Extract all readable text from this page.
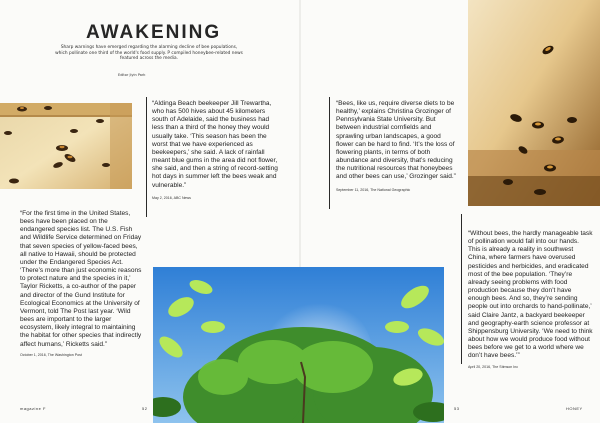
AWAKENING

Sharp warnings have emerged regarding the alarming decline of bee populations, which pollinate one third of the world's food supply. P compiled honeybee-related news featured across the media.

Editor Jiyin Park

“For the first time in the United States, bees have been placed on the endangered species list. The U.S. Fish and Wildlife Service determined on Friday that seven species of yellow-faced bees, all native to Hawaii, should be protected under the Endangered Species Act. ‘There’s more than just economic reasons to protect nature and the species in it,’ Taylor Ricketts, a co-author of the paper and director of the Gund Institute for Ecological Economics at the University of Vermont, told The Post last year. ‘Wild bees are important to the larger ecosystem, likely integral to maintaining the habitat for other species that indirectly affect humans,’ Ricketts said.”

October 1, 2016, The Washington Post

“Aldinga Beach beekeeper Jill Trewartha, who has 500 hives about 45 kilometers south of Adelaide, said the business had less than a third of the honey they would usually take. ‘This season has been the worst that we have experienced as beekeepers,’ she said. A lack of rainfall meant blue gums in the area did not flower, she said, and then a string of record-setting hot days in summer left the bees weak and vulnerable.”

May 2, 2016, ABC News

“Bees, like us, require diverse diets to be healthy,’ explains Christina Grozinger of Pennsylvania State University. But between industrial cornfields and sprawling urban landscapes, a good flower can be hard to find. ‘It’s the loss of flowering plants, in terms of both abundance and diversity, that’s reducing the nutritional resources that honeybees and other bees can use,’ Grozinger said.”

September 11, 2016, The National Geographic

“Without bees, the hardly manageable task of pollination would fall into our hands. This is already a reality in southwest China, where farmers have overused pesticides and herbicides, and eradicated most of the bee population. ‘They’re already seeing problems with food production because they don’t have enough bees. And so, they’re sending people out into orchards to hand-pollinate,’ said Claire Jantz, a backyard beekeeper and geography-earth science professor at Shippensburg University. ‘We need to think about how we would produce food without bees before we get to a world where we don’t have bees.’”

April 20, 2016, The Stimson Inc

magazine F	52	53	HONEY
